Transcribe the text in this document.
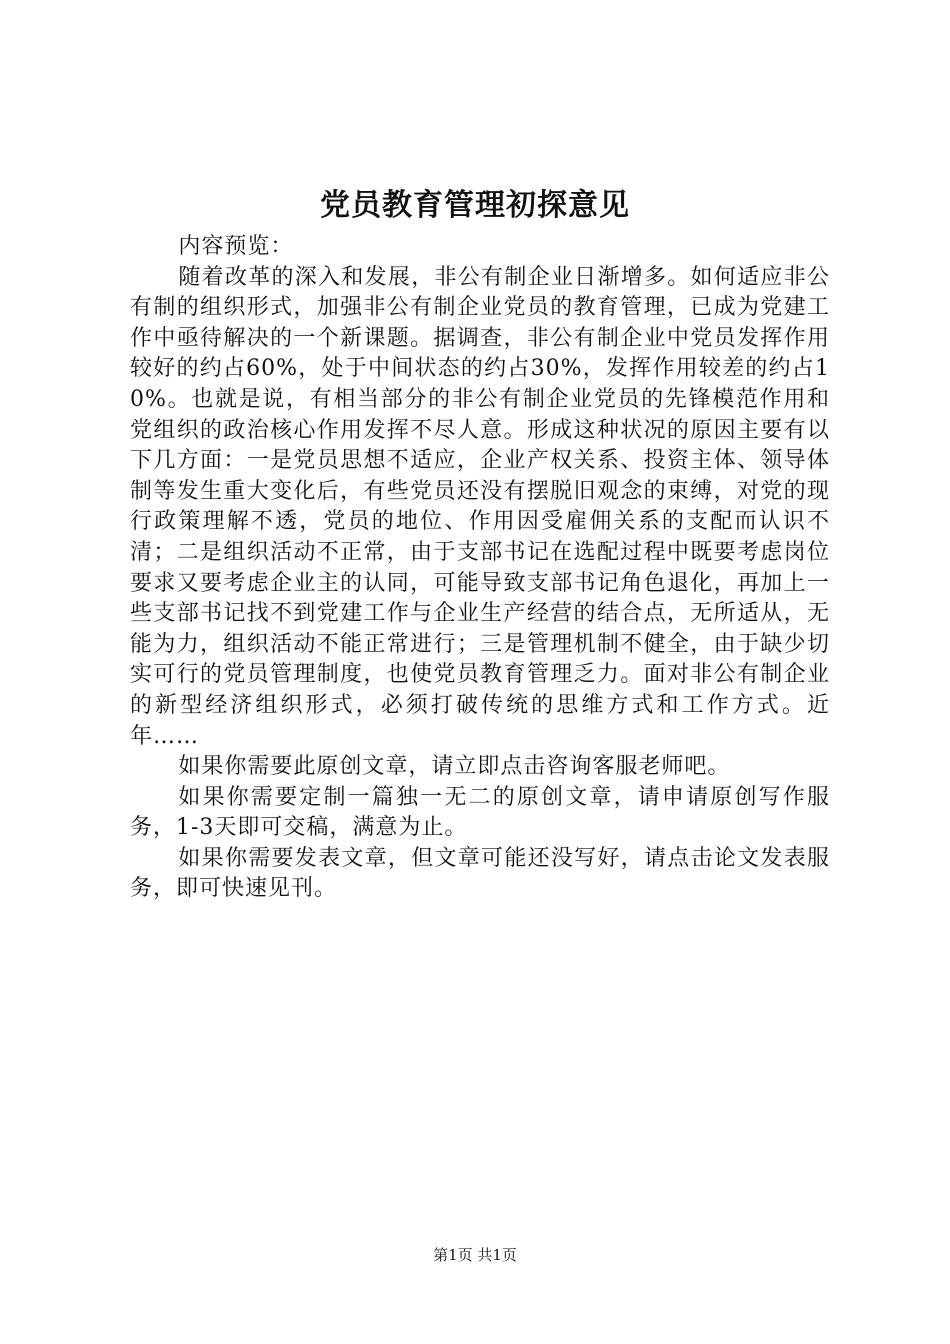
党员教育管理初探意见

内容预览：

随着改革的深入和发展，非公有制企业日渐增多。如何适应非公有制的组织形式，加强非公有制企业党员的教育管理，已成为党建工作中亟待解决的一个新课题。据调查，非公有制企业中党员发挥作用较好的约占60%，处于中间状态的约占30%，发挥作用较差的约占10%。也就是说，有相当部分的非公有制企业党员的先锋模范作用和党组织的政治核心作用发挥不尽人意。形成这种状况的原因主要有以下几方面：一是党员思想不适应，企业产权关系、投资主体、领导体制等发生重大变化后，有些党员还没有摆脱旧观念的束缚，对党的现行政策理解不透，党员的地位、作用因受雇佣关系的支配而认识不清；二是组织活动不正常，由于支部书记在选配过程中既要考虑岗位要求又要考虑企业主的认同，可能导致支部书记角色退化，再加上一些支部书记找不到党建工作与企业生产经营的结合点，无所适从，无能为力，组织活动不能正常进行；三是管理机制不健全，由于缺少切实可行的党员管理制度，也使党员教育管理乏力。面对非公有制企业的新型经济组织形式，必须打破传统的思维方式和工作方式。近年……

如果你需要此原创文章，请立即点击咨询客服老师吧。

如果你需要定制一篇独一无二的原创文章，请申请原创写作服务，1-3天即可交稿，满意为止。

如果你需要发表文章，但文章可能还没写好，请点击论文发表服务，即可快速见刊。

第1页 共1页
